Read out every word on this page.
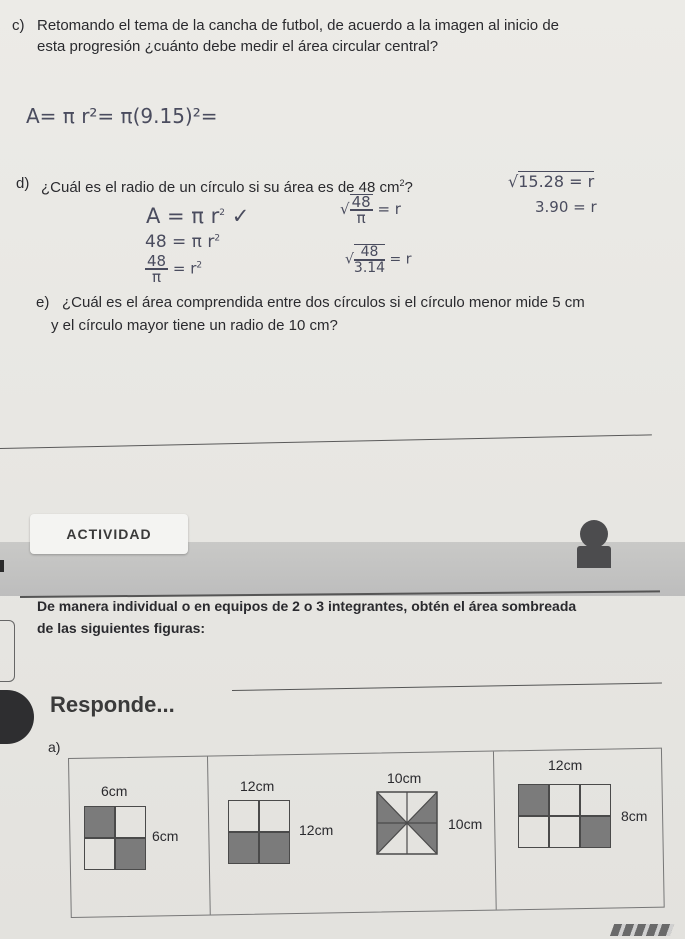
c) Retomando el tema de la cancha de futbol, de acuerdo a la imagen al inicio de
esta progresión ¿cuánto debe medir el área circular central?
A= π r²= π(9.15)²=
d) ¿Cuál es el radio de un círculo si su área es de 48 $cm^2$?
A = π $r^2$ ✓
48 = π $r^2$
$\frac{48}{\pi} = r^2$
√ $\frac{48}{\pi} = r$
√ $\frac{48}{3.14} = r$
√15.28 = r
3.90 = r
e) ¿Cuál es el área comprendida entre dos círculos si el círculo menor mide 5 cm
y el círculo mayor tiene un radio de 10 cm?
ACTIVIDAD
De manera individual o en equipos de 2 o 3 integrantes, obtén el área sombreada
de las siguientes figuras:
Responde...
a)
6cm
6cm
12cm
12cm
10cm
10cm
12cm
8cm
